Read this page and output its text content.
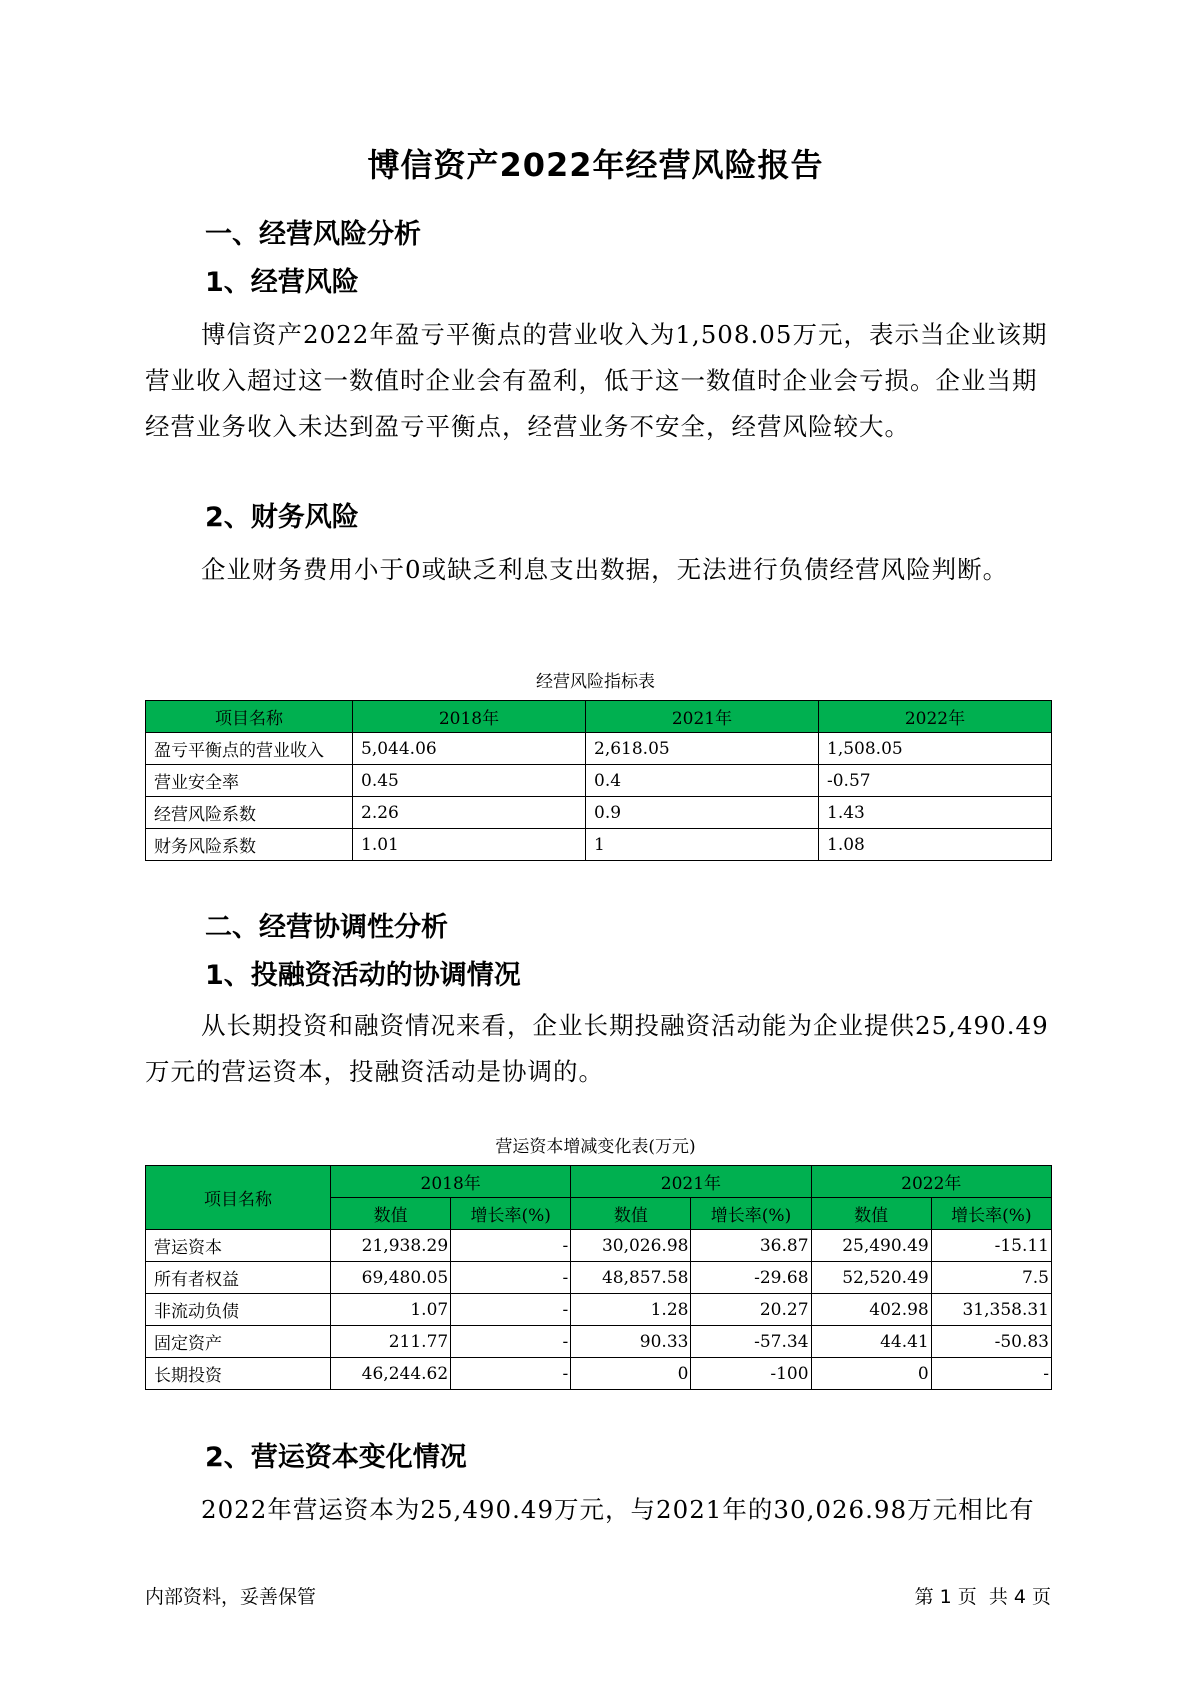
博信资产2022年经营风险报告
一、经营风险分析
1、经营风险

博信资产2022年盈亏平衡点的营业收入为1,508.05万元，表示当企业该期营业收入超过这一数值时企业会有盈利，低于这一数值时企业会亏损。企业当期经营业务收入未达到盈亏平衡点，经营业务不安全，经营风险较大。

2、财务风险

企业财务费用小于0或缺乏利息支出数据，无法进行负债经营风险判断。

经营风险指标表
项目名称	2018年	2021年	2022年
盈亏平衡点的营业收入	5,044.06	2,618.05	1,508.05
营业安全率	0.45	0.4	-0.57
经营风险系数	2.26	0.9	1.43
财务风险系数	1.01	1	1.08
二、经营协调性分析
1、投融资活动的协调情况

从长期投资和融资情况来看，企业长期投融资活动能为企业提供25,490.49万元的营运资本，投融资活动是协调的。

营运资本增减变化表(万元)
项目名称	2018年		2021年		2022年	
	数值	增长率(%)	数值	增长率(%)	数值	增长率(%)
营运资本	21,938.29	-	30,026.98	36.87	25,490.49	-15.11
所有者权益	69,480.05	-	48,857.58	-29.68	52,520.49	7.5
非流动负债	1.07	-	1.28	20.27	402.98	31,358.31
固定资产	211.77	-	90.33	-57.34	44.41	-50.83
长期投资	46,244.62	-	0	-100	0	-
2、营运资本变化情况

2022年营运资本为25,490.49万元，与2021年的30,026.98万元相比有

内部资料，妥善保管	第 1 页  共 4 页
